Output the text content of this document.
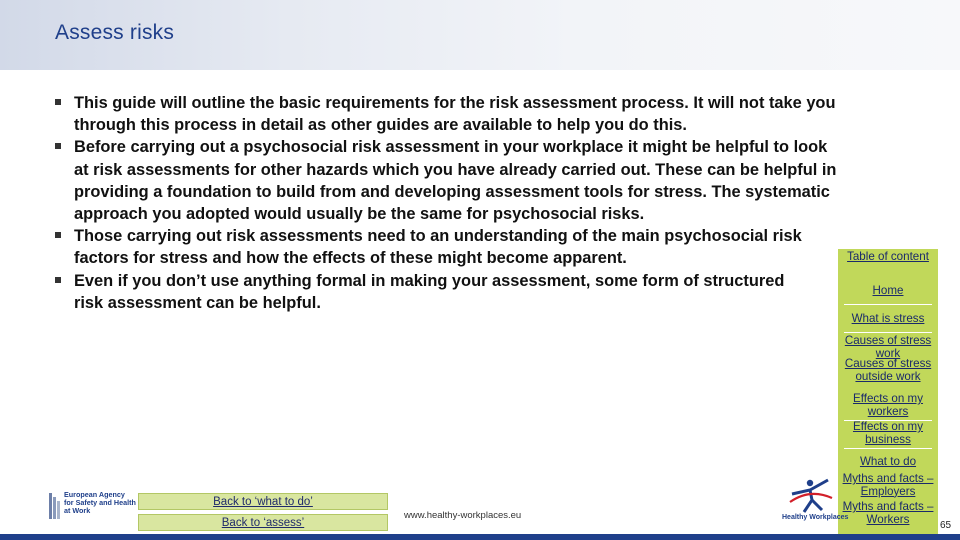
Assess risks
This guide will outline the basic requirements for the risk assessment process. It will not take you through this process in detail as other guides are available to help you do this.
Before carrying out a psychosocial risk assessment in your workplace it might be helpful to look at risk assessments for other hazards which you have already carried out. These can be helpful in providing a foundation to build from and developing assessment tools for stress. The systematic approach you adopted would usually be the same for psychosocial risks.
Those carrying out risk assessments need to an understanding of the main psychosocial risk factors for stress and how the effects of these might become apparent.
Even if you don’t use anything formal in making your assessment, some form of structured risk assessment can be helpful.
Table of content
Home
What is stress
Causes of stress work
Causes of stress outside work
Effects on my workers
Effects on my business
What to do
Myths and facts – Employers
Myths and facts – Workers
European Agency for Safety and Health at Work
Back to ‘what to do’
Back to ‘assess’
www.healthy-workplaces.eu	Healthy Workplaces
65
